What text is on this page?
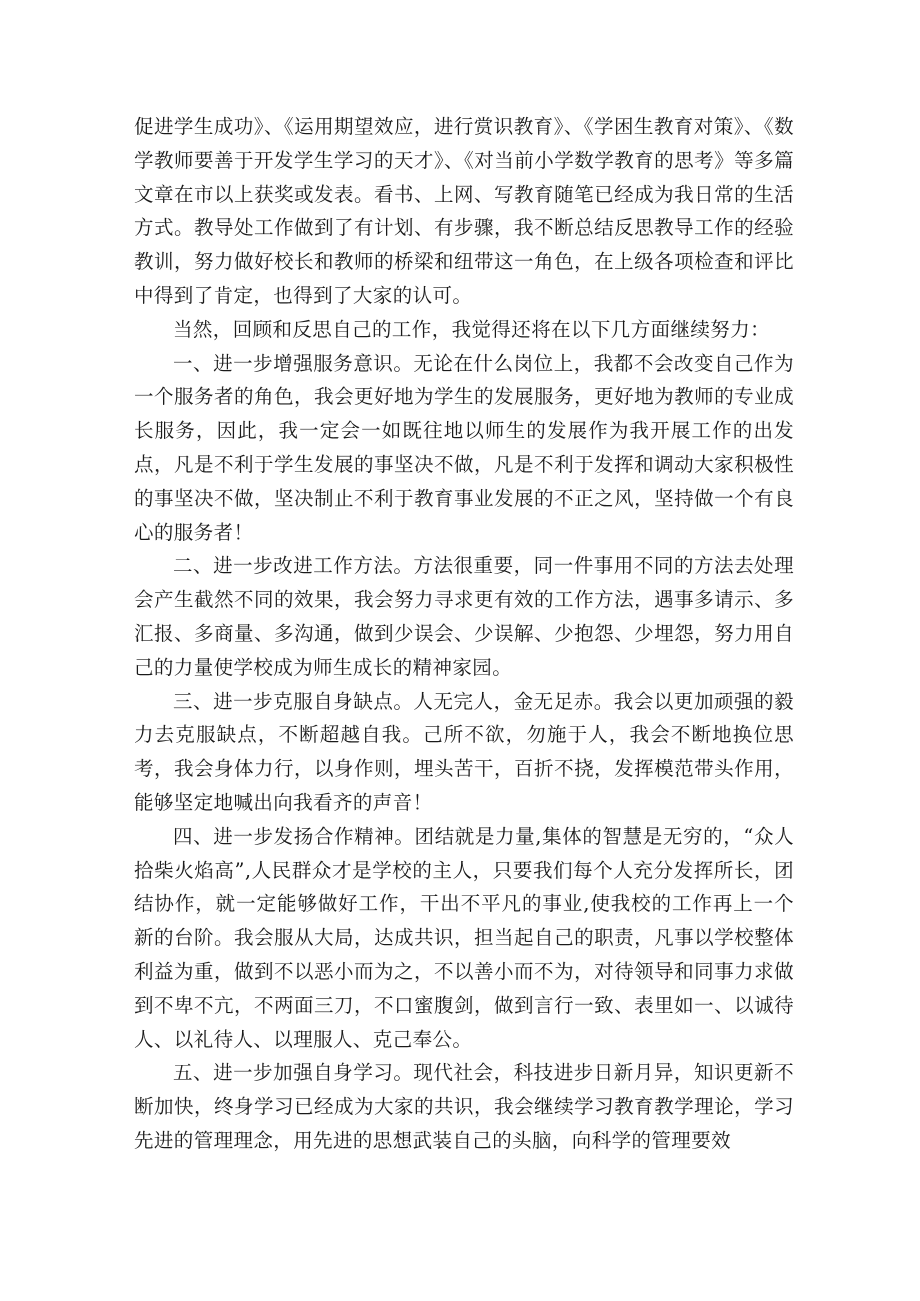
促进学生成功》、《运用期望效应，进行赏识教育》、《学困生教育对策》、《数学教师要善于开发学生学习的天才》、《对当前小学数学教育的思考》等多篇文章在市以上获奖或发表。看书、上网、写教育随笔已经成为我日常的生活方式。教导处工作做到了有计划、有步骤，我不断总结反思教导工作的经验教训，努力做好校长和教师的桥梁和纽带这一角色，在上级各项检查和评比中得到了肯定，也得到了大家的认可。

当然，回顾和反思自己的工作，我觉得还将在以下几方面继续努力：

一、进一步增强服务意识。无论在什么岗位上，我都不会改变自己作为一个服务者的角色，我会更好地为学生的发展服务，更好地为教师的专业成长服务，因此，我一定会一如既往地以师生的发展作为我开展工作的出发点，凡是不利于学生发展的事坚决不做，凡是不利于发挥和调动大家积极性的事坚决不做，坚决制止不利于教育事业发展的不正之风，坚持做一个有良心的服务者！

二、进一步改进工作方法。方法很重要，同一件事用不同的方法去处理会产生截然不同的效果，我会努力寻求更有效的工作方法，遇事多请示、多汇报、多商量、多沟通，做到少误会、少误解、少抱怨、少埋怨，努力用自己的力量使学校成为师生成长的精神家园。

三、进一步克服自身缺点。人无完人，金无足赤。我会以更加顽强的毅力去克服缺点，不断超越自我。己所不欲，勿施于人，我会不断地换位思考，我会身体力行，以身作则，埋头苦干，百折不挠，发挥模范带头作用，能够坚定地喊出向我看齐的声音！

四、进一步发扬合作精神。团结就是力量,集体的智慧是无穷的，“众人拾柴火焰高”,人民群众才是学校的主人，只要我们每个人充分发挥所长，团结协作，就一定能够做好工作，干出不平凡的事业,使我校的工作再上一个新的台阶。我会服从大局，达成共识，担当起自己的职责，凡事以学校整体利益为重，做到不以恶小而为之，不以善小而不为，对待领导和同事力求做到不卑不亢，不两面三刀，不口蜜腹剑，做到言行一致、表里如一、以诚待人、以礼待人、以理服人、克己奉公。

五、进一步加强自身学习。现代社会，科技进步日新月异，知识更新不断加快，终身学习已经成为大家的共识，我会继续学习教育教学理论，学习先进的管理理念，用先进的思想武装自己的头脑，向科学的管理要效
